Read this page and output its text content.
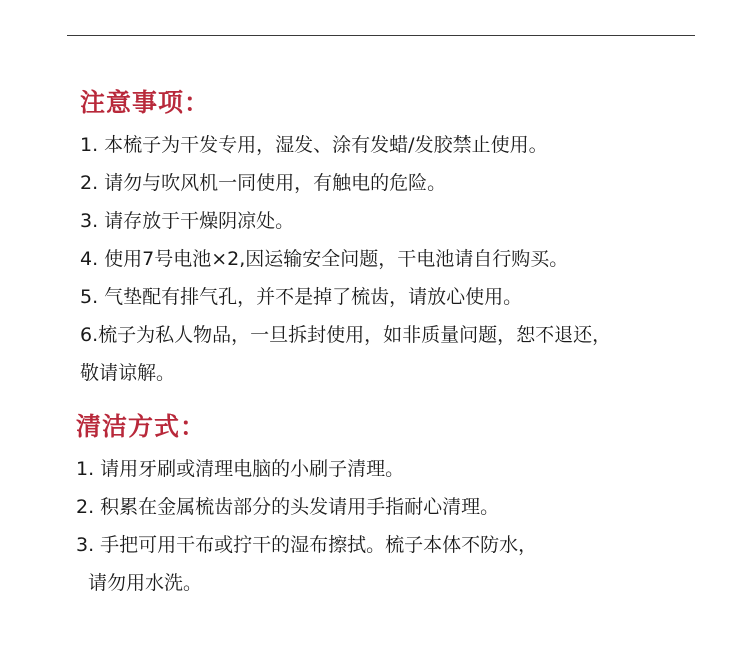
注意事项：
1. 本梳子为干发专用，湿发、涂有发蜡/发胶禁止使用。
2. 请勿与吹风机一同使用，有触电的危险。
3. 请存放于干燥阴凉处。
4. 使用7号电池×2,因运输安全问题，干电池请自行购买。
5. 气垫配有排气孔，并不是掉了梳齿，请放心使用。
6.梳子为私人物品，一旦拆封使用，如非质量问题，恕不退还，
敬请谅解。
清洁方式：
1. 请用牙刷或清理电脑的小刷子清理。
2. 积累在金属梳齿部分的头发请用手指耐心清理。
3. 手把可用干布或拧干的湿布擦拭。梳子本体不防水，
请勿用水洗。
